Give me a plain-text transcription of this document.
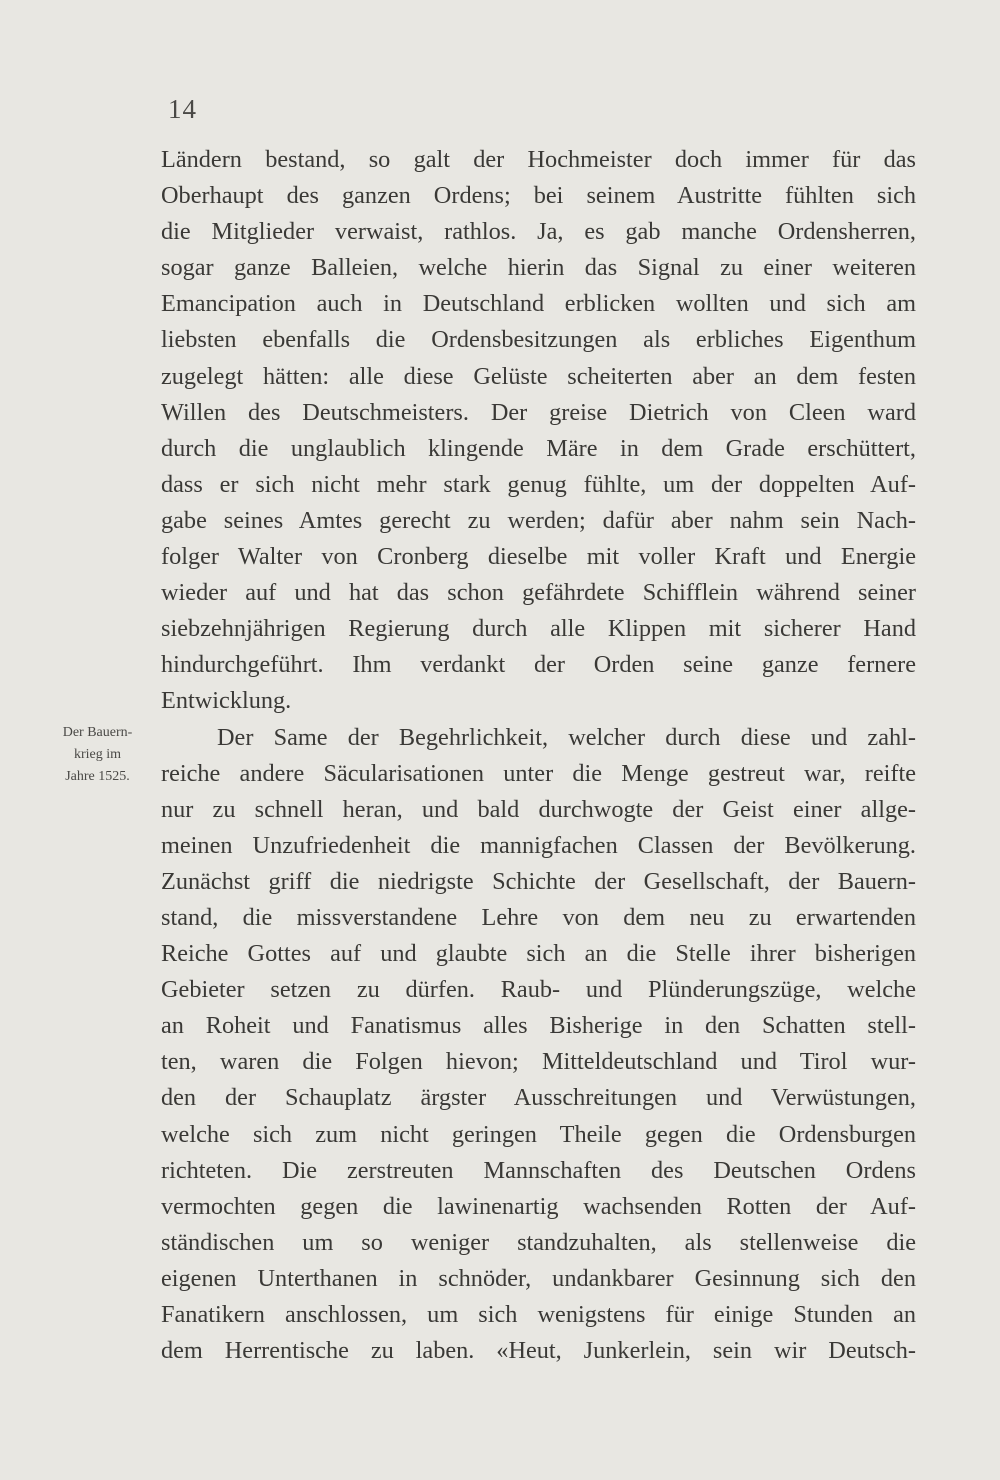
14
Der Bauern-
krieg im
Jahre 1525.
Ländern bestand, so galt der Hochmeister doch immer für das
Oberhaupt des ganzen Ordens; bei seinem Austritte fühlten sich
die Mitglieder verwaist, rathlos. Ja, es gab manche Ordensherren,
sogar ganze Balleien, welche hierin das Signal zu einer weiteren
Emancipation auch in Deutschland erblicken wollten und sich am
liebsten ebenfalls die Ordensbesitzungen als erbliches Eigenthum
zugelegt hätten: alle diese Gelüste scheiterten aber an dem festen
Willen des Deutschmeisters. Der greise Dietrich von Cleen ward
durch die unglaublich klingende Märe in dem Grade erschüttert,
dass er sich nicht mehr stark genug fühlte, um der doppelten Auf-
gabe seines Amtes gerecht zu werden; dafür aber nahm sein Nach-
folger Walter von Cronberg dieselbe mit voller Kraft und Energie
wieder auf und hat das schon gefährdete Schifflein während seiner
siebzehnjährigen Regierung durch alle Klippen mit sicherer Hand
hindurchgeführt. Ihm verdankt der Orden seine ganze fernere
Entwicklung.
Der Same der Begehrlichkeit, welcher durch diese und zahl-
reiche andere Säcularisationen unter die Menge gestreut war, reifte
nur zu schnell heran, und bald durchwogte der Geist einer allge-
meinen Unzufriedenheit die mannigfachen Classen der Bevölkerung.
Zunächst griff die niedrigste Schichte der Gesellschaft, der Bauern-
stand, die missverstandene Lehre von dem neu zu erwartenden
Reiche Gottes auf und glaubte sich an die Stelle ihrer bisherigen
Gebieter setzen zu dürfen. Raub- und Plünderungszüge, welche
an Roheit und Fanatismus alles Bisherige in den Schatten stell-
ten, waren die Folgen hievon; Mitteldeutschland und Tirol wur-
den der Schauplatz ärgster Ausschreitungen und Verwüstungen,
welche sich zum nicht geringen Theile gegen die Ordensburgen
richteten. Die zerstreuten Mannschaften des Deutschen Ordens
vermochten gegen die lawinenartig wachsenden Rotten der Auf-
ständischen um so weniger standzuhalten, als stellenweise die
eigenen Unterthanen in schnöder, undankbarer Gesinnung sich den
Fanatikern anschlossen, um sich wenigstens für einige Stunden an
dem Herrentische zu laben. «Heut, Junkerlein, sein wir Deutsch-
